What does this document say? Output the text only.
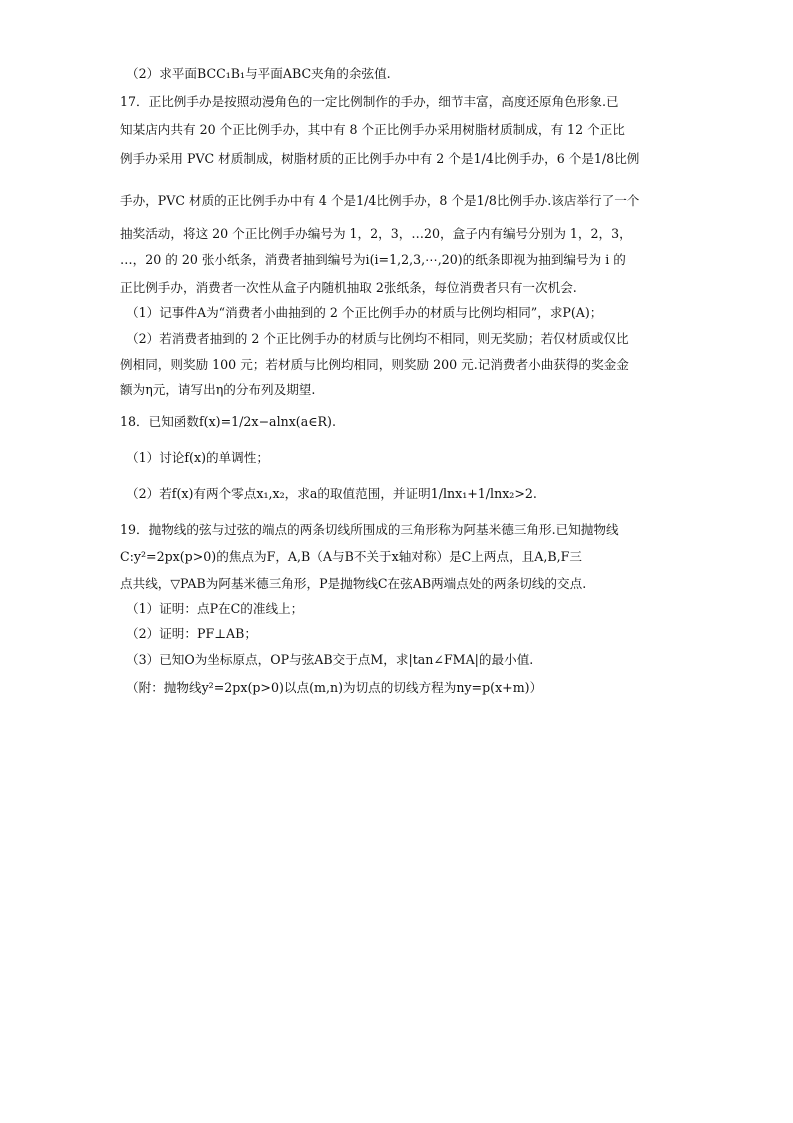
（2）求平面BCC₁B₁与平面ABC夹角的余弦值.
17．正比例手办是按照动漫角色的一定比例制作的手办，细节丰富，高度还原角色形象.已
知某店内共有 20 个正比例手办，其中有 8 个正比例手办采用树脂材质制成，有 12 个正比
例手办采用 PVC 材质制成，树脂材质的正比例手办中有 2 个是1/4比例手办，6 个是1/8比例
手办，PVC 材质的正比例手办中有 4 个是1/4比例手办，8 个是1/8比例手办.该店举行了一个
抽奖活动，将这 20 个正比例手办编号为 1，2，3，…20，盒子内有编号分别为 1，2，3，
…，20 的 20 张小纸条，消费者抽到编号为i(i=1,2,3,⋯,20)的纸条即视为抽到编号为 i 的
正比例手办，消费者一次性从盒子内随机抽取 2张纸条，每位消费者只有一次机会.
（1）记事件A为“消费者小曲抽到的 2 个正比例手办的材质与比例均相同”，求P(A)；
（2）若消费者抽到的 2 个正比例手办的材质与比例均不相同，则无奖励；若仅材质或仅比
例相同，则奖励 100 元；若材质与比例均相同，则奖励 200 元.记消费者小曲获得的奖金金
额为η元，请写出η的分布列及期望.
18．已知函数f(x)=1/2x−alnx(a∈R).
（1）讨论f(x)的单调性；
（2）若f(x)有两个零点x₁,x₂，求a的取值范围，并证明1/lnx₁+1/lnx₂>2.
19．抛物线的弦与过弦的端点的两条切线所围成的三角形称为阿基米德三角形.已知抛物线
C:y²=2px(p>0)的焦点为F，A,B（A与B不关于x轴对称）是C上两点，且A,B,F三
点共线，▽PAB为阿基米德三角形，P是抛物线C在弦AB两端点处的两条切线的交点.
（1）证明：点P在C的准线上；
（2）证明：PF⊥AB；
（3）已知O为坐标原点，OP与弦AB交于点M，求|tan∠FMA|的最小值.
（附：抛物线y²=2px(p>0)以点(m,n)为切点的切线方程为ny=p(x+m)）
